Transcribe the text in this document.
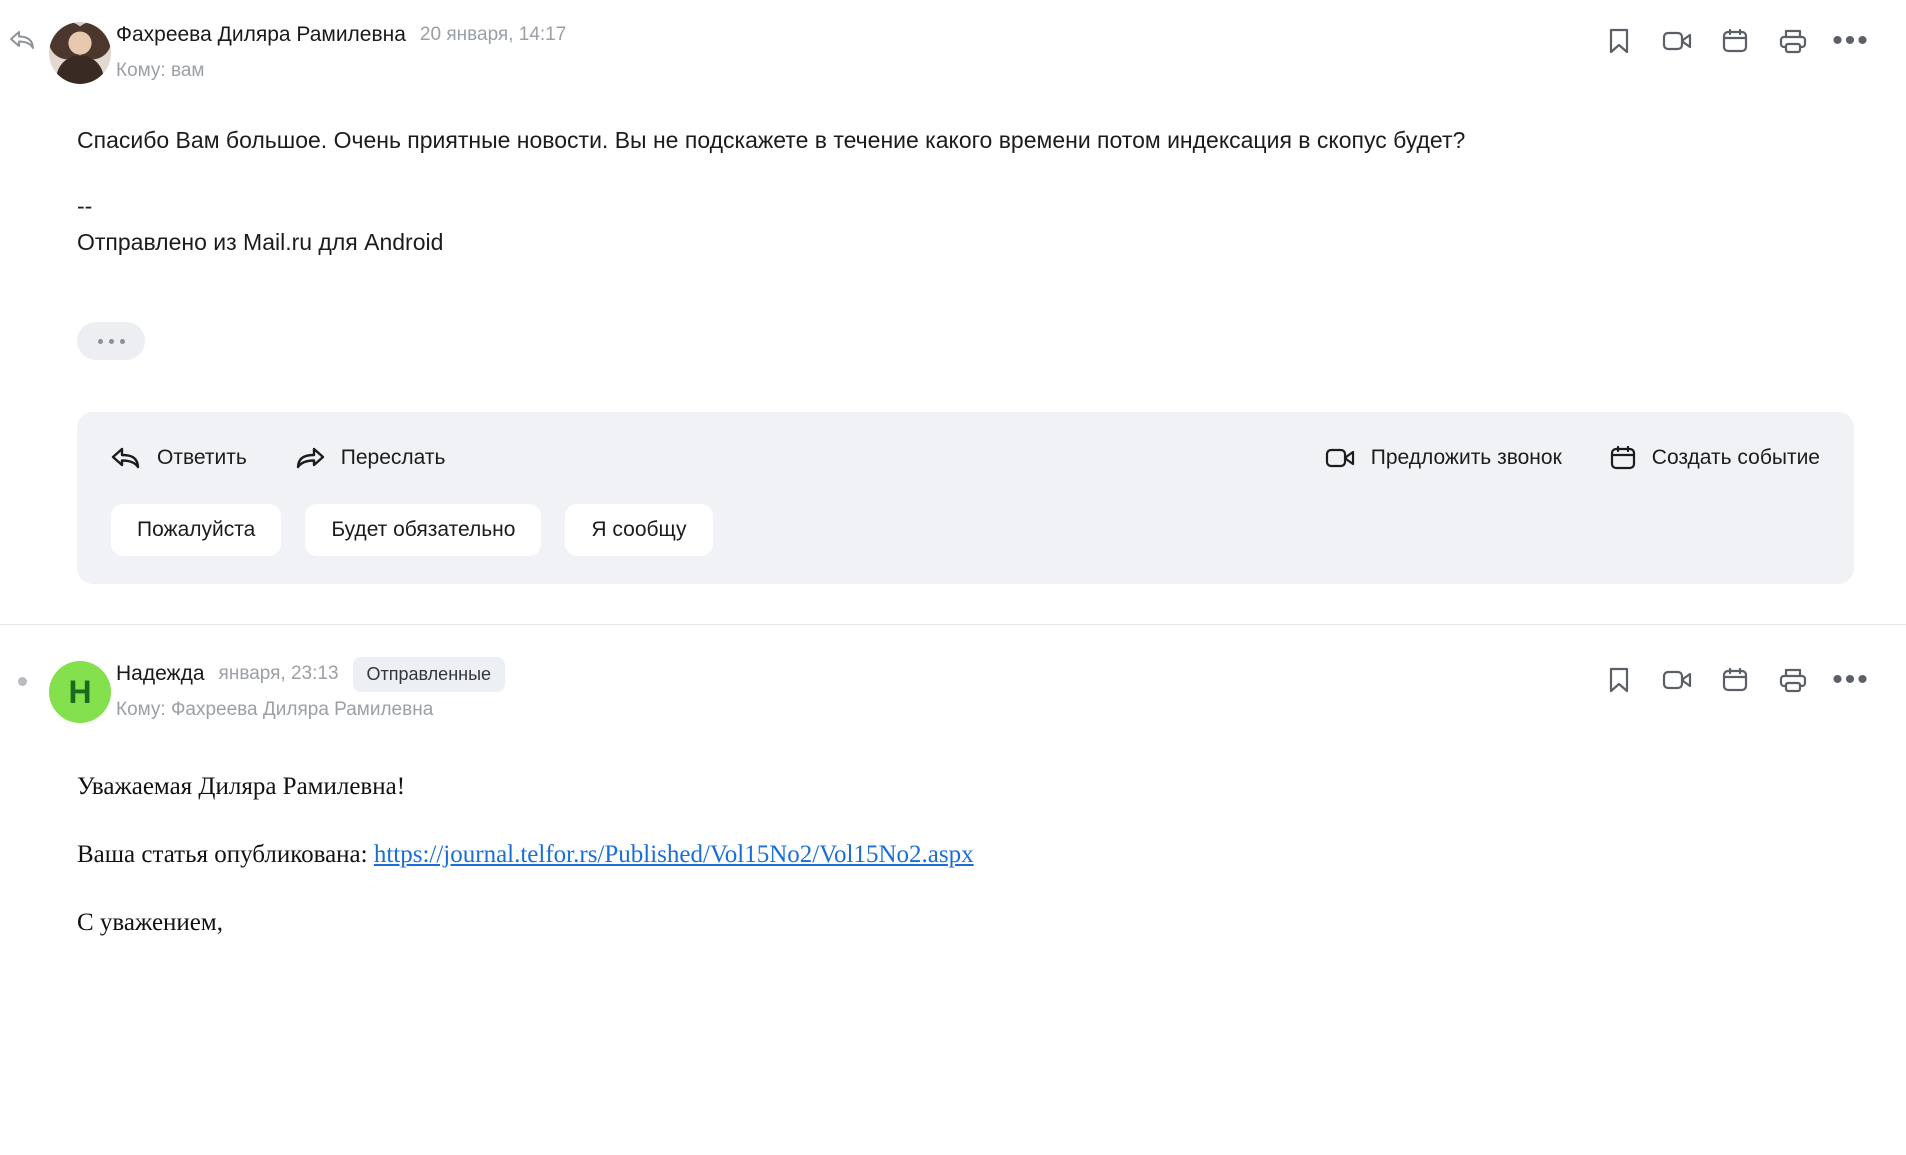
Фахреева Диляра Рамилевна 20 января, 14:17
Кому: вам
•••

Спасибо Вам большое. Очень приятные новости. Вы не подскажете в течение какого времени потом индексация в скопус будет?

--

Отправлено из Mail.ru для Android

Ответить	Переслать	Предложить звонок	Создать событие
Пожалуйста	Будет обязательно	Я сообщу
Н	Надежда января, 23:13	Отправленные
Кому: Фахреева Диляра Рамилевна
•••

Уважаемая Диляра Рамилевна!

Ваша статья опубликована: https://journal.telfor.rs/Published/Vol15No2/Vol15No2.aspx

С уважением,
